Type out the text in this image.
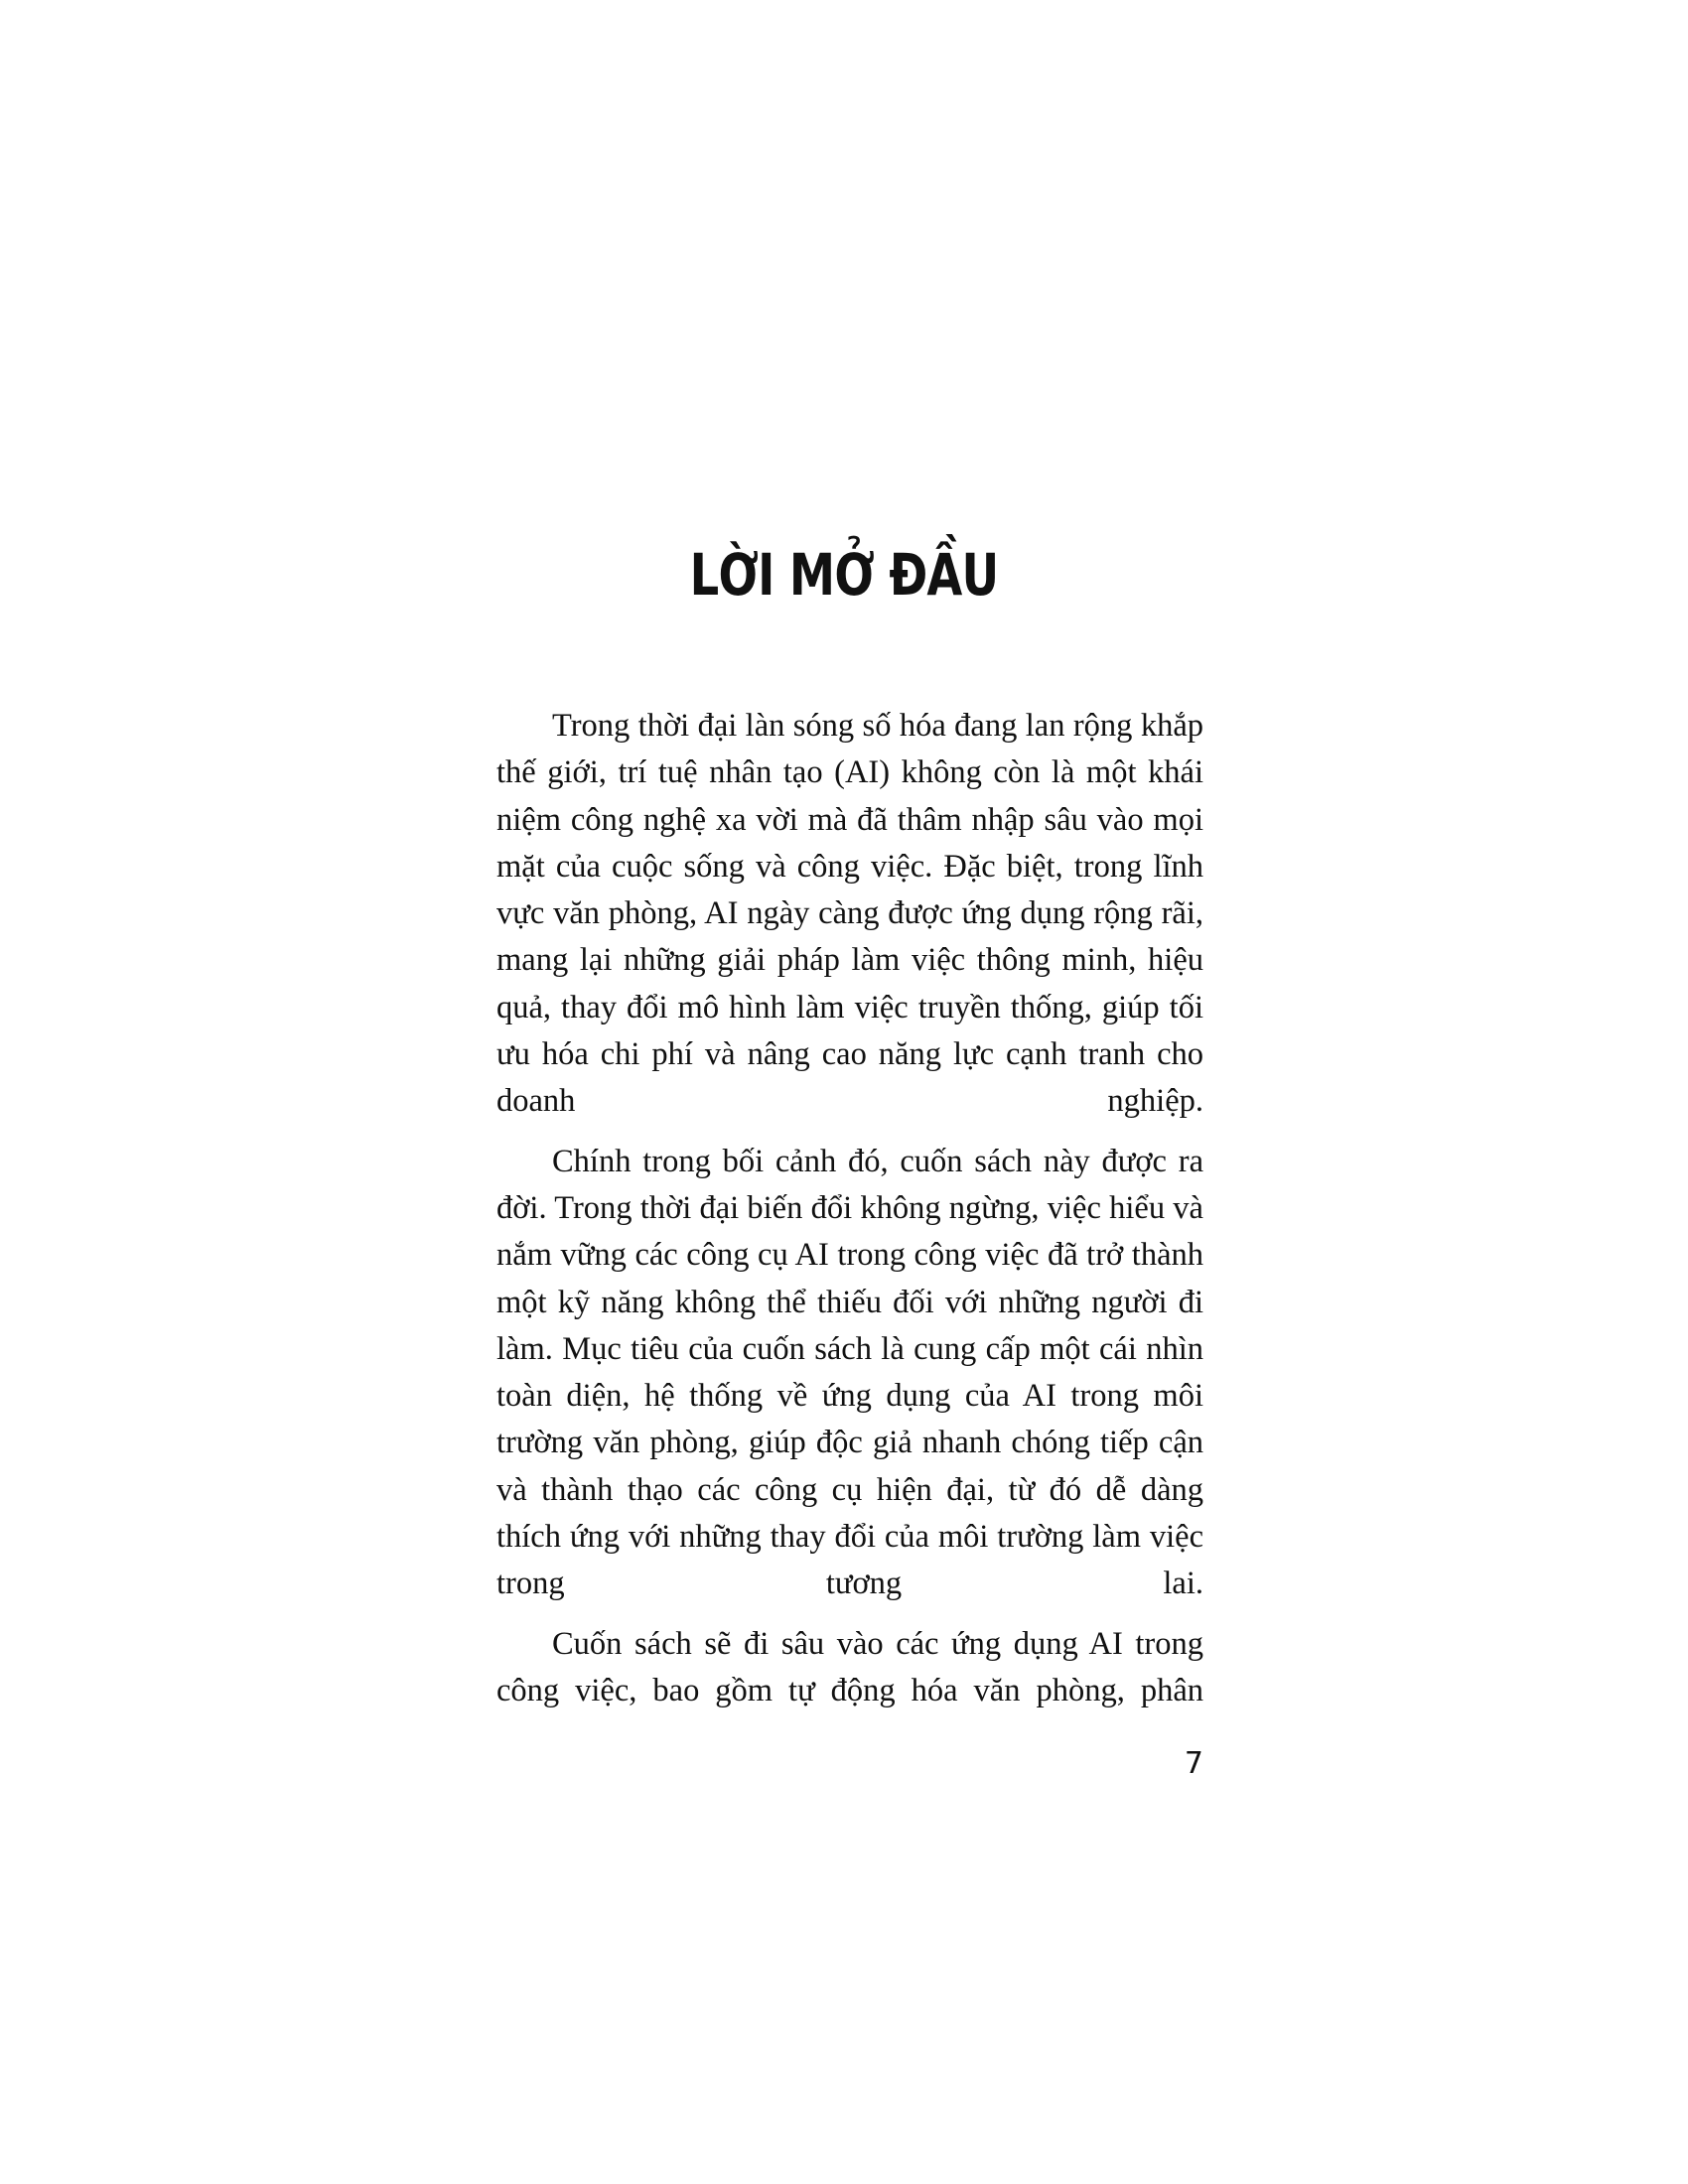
LỜI MỞ ĐẦU

Trong thời đại làn sóng số hóa đang lan rộng khắp thế giới, trí tuệ nhân tạo (AI) không còn là một khái niệm công nghệ xa vời mà đã thâm nhập sâu vào mọi mặt của cuộc sống và công việc. Đặc biệt, trong lĩnh vực văn phòng, AI ngày càng được ứng dụng rộng rãi, mang lại những giải pháp làm việc thông minh, hiệu quả, thay đổi mô hình làm việc truyền thống, giúp tối ưu hóa chi phí và nâng cao năng lực cạnh tranh cho doanh nghiệp.

Chính trong bối cảnh đó, cuốn sách này được ra đời. Trong thời đại biến đổi không ngừng, việc hiểu và nắm vững các công cụ AI trong công việc đã trở thành một kỹ năng không thể thiếu đối với những người đi làm. Mục tiêu của cuốn sách là cung cấp một cái nhìn toàn diện, hệ thống về ứng dụng của AI trong môi trường văn phòng, giúp độc giả nhanh chóng tiếp cận và thành thạo các công cụ hiện đại, từ đó dễ dàng thích ứng với những thay đổi của môi trường làm việc trong tương lai.

Cuốn sách sẽ đi sâu vào các ứng dụng AI trong công việc, bao gồm tự động hóa văn phòng, phân

7
